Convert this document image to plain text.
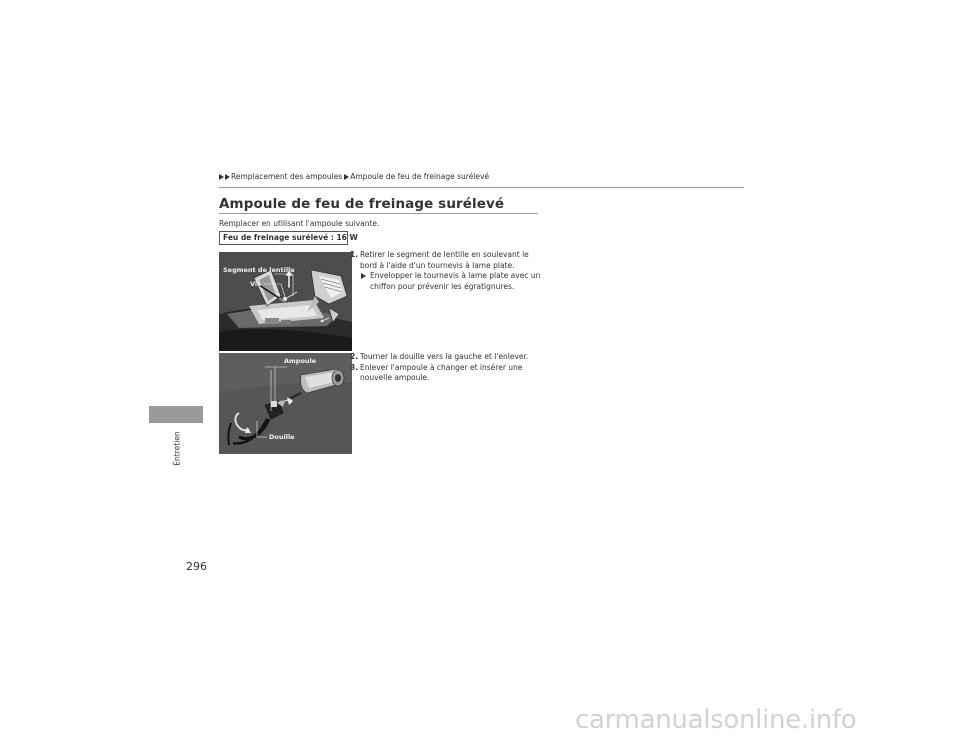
Remplacement des ampoules Ampoule de feu de freinage surélevé
Ampoule de feu de freinage surélevé
Remplacer en utilisant l'ampoule suivante.
Feu de freinage surélevé : 16 W
Segment de lentille
Vis
Ampoule
Douille
1. Retirer le segment de lentille en soulevant le bord à l'aide d'un tournevis à lame plate.
Envelopper le tournevis à lame plate avec un chiffon pour prévenir les égratignures.
2. Tourner la douille vers la gauche et l'enlever.
3. Enlever l'ampoule à changer et insérer une nouvelle ampoule.
Entretien
296
carmanualsonline.info
